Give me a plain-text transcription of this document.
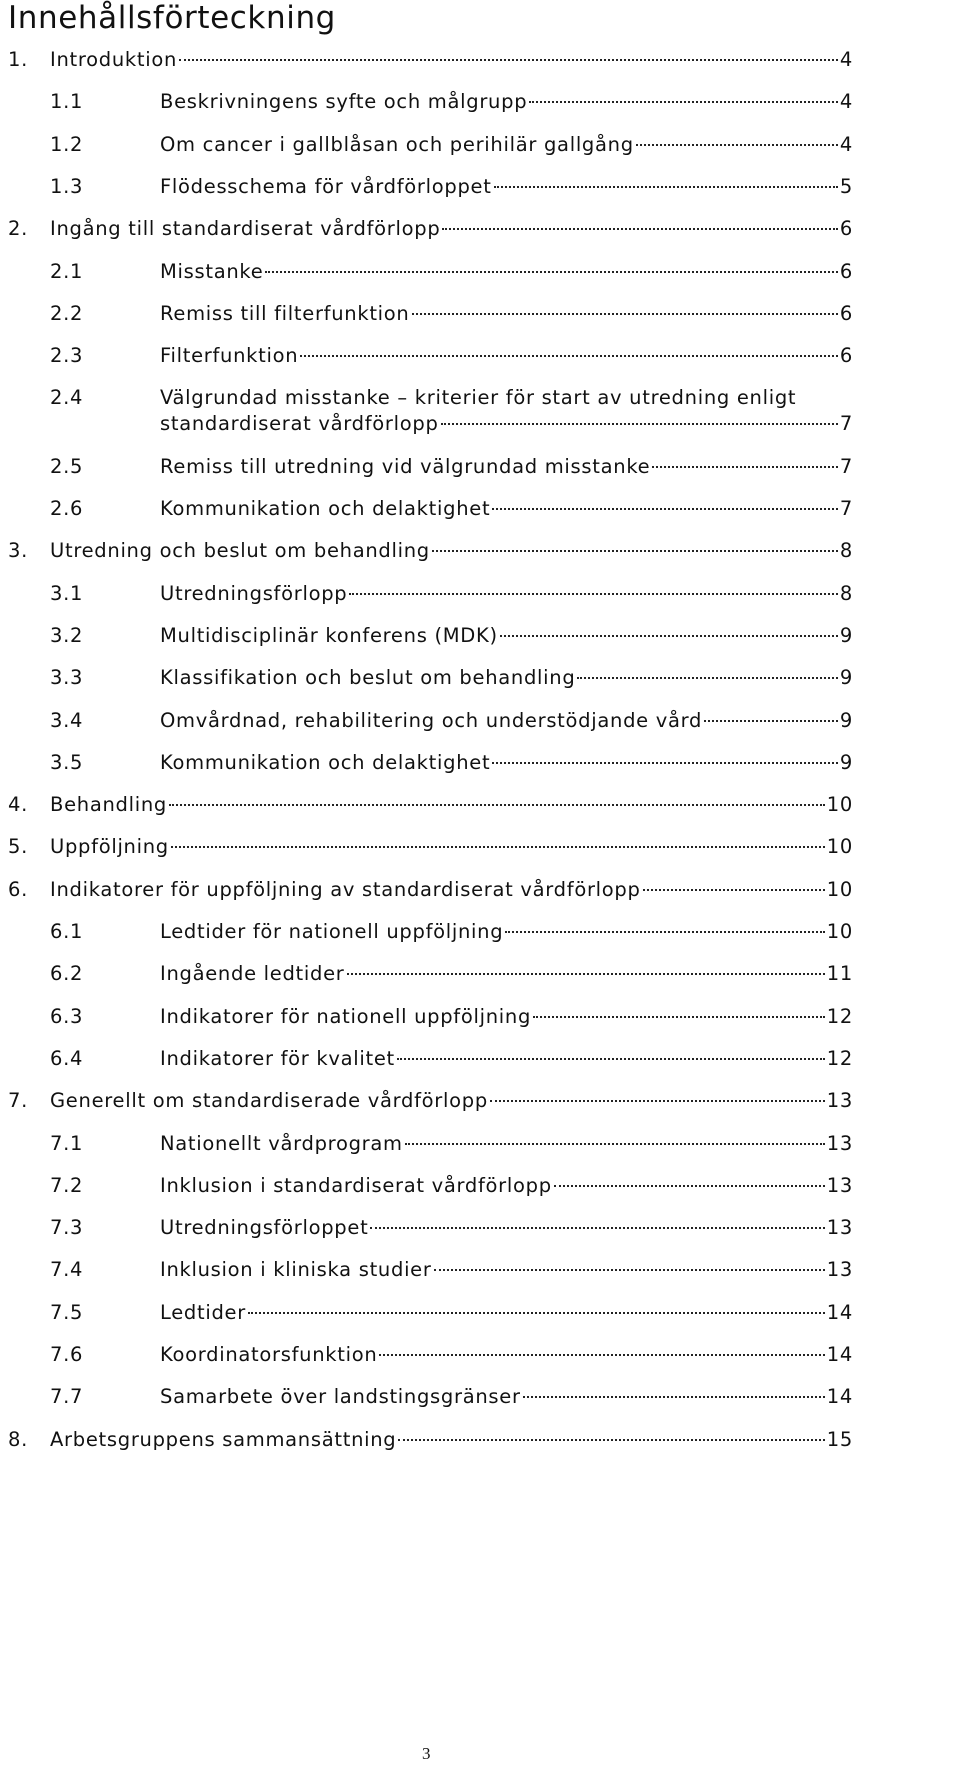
Innehållsförteckning
1. Introduktion	4
1.1	Beskrivningens syfte och målgrupp	4
1.2	Om cancer i gallblåsan och perihilär gallgång	4
1.3	Flödesschema för vårdförloppet	5
2. Ingång till standardiserat vårdförlopp	6
2.1	Misstanke	6
2.2	Remiss till filterfunktion	6
2.3	Filterfunktion	6
2.4	Välgrundad misstanke – kriterier för start av utredning enligt
standardiserat vårdförlopp	7
2.5	Remiss till utredning vid välgrundad misstanke	7
2.6	Kommunikation och delaktighet	7
3. Utredning och beslut om behandling	8
3.1	Utredningsförlopp	8
3.2	Multidisciplinär konferens (MDK)	9
3.3	Klassifikation och beslut om behandling	9
3.4	Omvårdnad, rehabilitering och understödjande vård	9
3.5	Kommunikation och delaktighet	9
4. Behandling	10
5. Uppföljning	10
6. Indikatorer för uppföljning av standardiserat vårdförlopp	10
6.1	Ledtider för nationell uppföljning	10
6.2	Ingående ledtider	11
6.3	Indikatorer för nationell uppföljning	12
6.4	Indikatorer för kvalitet	12
7. Generellt om standardiserade vårdförlopp	13
7.1	Nationellt vårdprogram	13
7.2	Inklusion i standardiserat vårdförlopp	13
7.3	Utredningsförloppet	13
7.4	Inklusion i kliniska studier	13
7.5	Ledtider	14
7.6	Koordinatorsfunktion	14
7.7	Samarbete över landstingsgränser	14
8. Arbetsgruppens sammansättning	15
3
